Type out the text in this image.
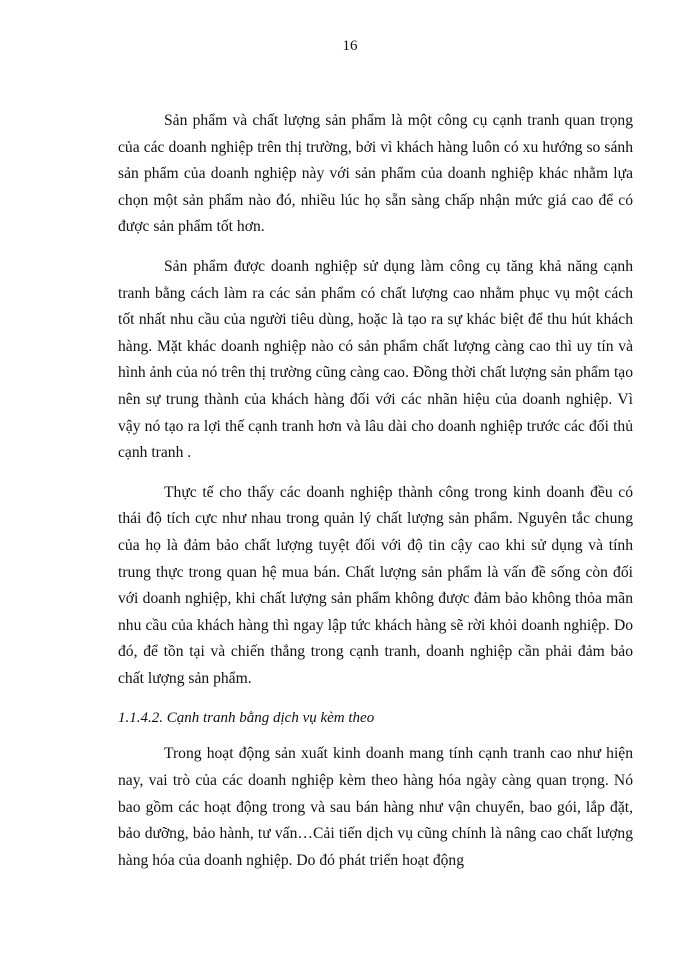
16

Sản phẩm và chất lượng sản phẩm là một công cụ cạnh tranh quan trọng của các doanh nghiệp trên thị trường, bởi vì khách hàng luôn có xu hướng so sánh sản phẩm của doanh nghiệp này với sản phẩm của doanh nghiệp khác nhằm lựa chọn một sản phẩm nào đó, nhiều lúc họ sẵn sàng chấp nhận mức giá cao để có được sản phẩm tốt hơn.

Sản phẩm được doanh nghiệp sử dụng làm công cụ tăng khả năng cạnh tranh bằng cách làm ra các sản phẩm có chất lượng cao nhằm phục vụ một cách tốt nhất nhu cầu của người tiêu dùng, hoặc là tạo ra sự khác biệt để thu hút khách hàng. Mặt khác doanh nghiệp nào có sản phẩm chất lượng càng cao thì uy tín và hình ảnh của nó trên thị trường cũng càng cao. Đồng thời chất lượng sản phẩm tạo nên sự trung thành của khách hàng đối với các nhãn hiệu của doanh nghiệp. Vì vậy nó tạo ra lợi thế cạnh tranh hơn và lâu dài cho doanh nghiệp trước các đối thủ cạnh tranh .

Thực tế cho thấy các doanh nghiệp thành công trong kinh doanh đều có thái độ tích cực như nhau trong quản lý chất lượng sản phẩm. Nguyên tắc chung của họ là đảm bảo chất lượng tuyệt đối với độ tin cậy cao khi sử dụng và tính trung thực trong quan hệ mua bán. Chất lượng sản phẩm là vấn đề sống còn đối với doanh nghiệp, khi chất lượng sản phẩm không được đảm bảo không thỏa mãn nhu cầu của khách hàng thì ngay lập tức khách hàng sẽ rời khỏi doanh nghiệp. Do đó, để tồn tại và chiến thắng trong cạnh tranh, doanh nghiệp cần phải đảm bảo chất lượng sản phẩm.

1.1.4.2. Cạnh tranh bằng dịch vụ kèm theo

Trong hoạt động sản xuất kinh doanh mang tính cạnh tranh cao như hiện nay, vai trò của các doanh nghiệp kèm theo hàng hóa ngày càng quan trọng. Nó bao gồm các hoạt động trong và sau bán hàng như vận chuyển, bao gói, lắp đặt, bảo dưỡng, bảo hành, tư vấn…Cải tiến dịch vụ cũng chính là nâng cao chất lượng hàng hóa của doanh nghiệp. Do đó phát triển hoạt động
